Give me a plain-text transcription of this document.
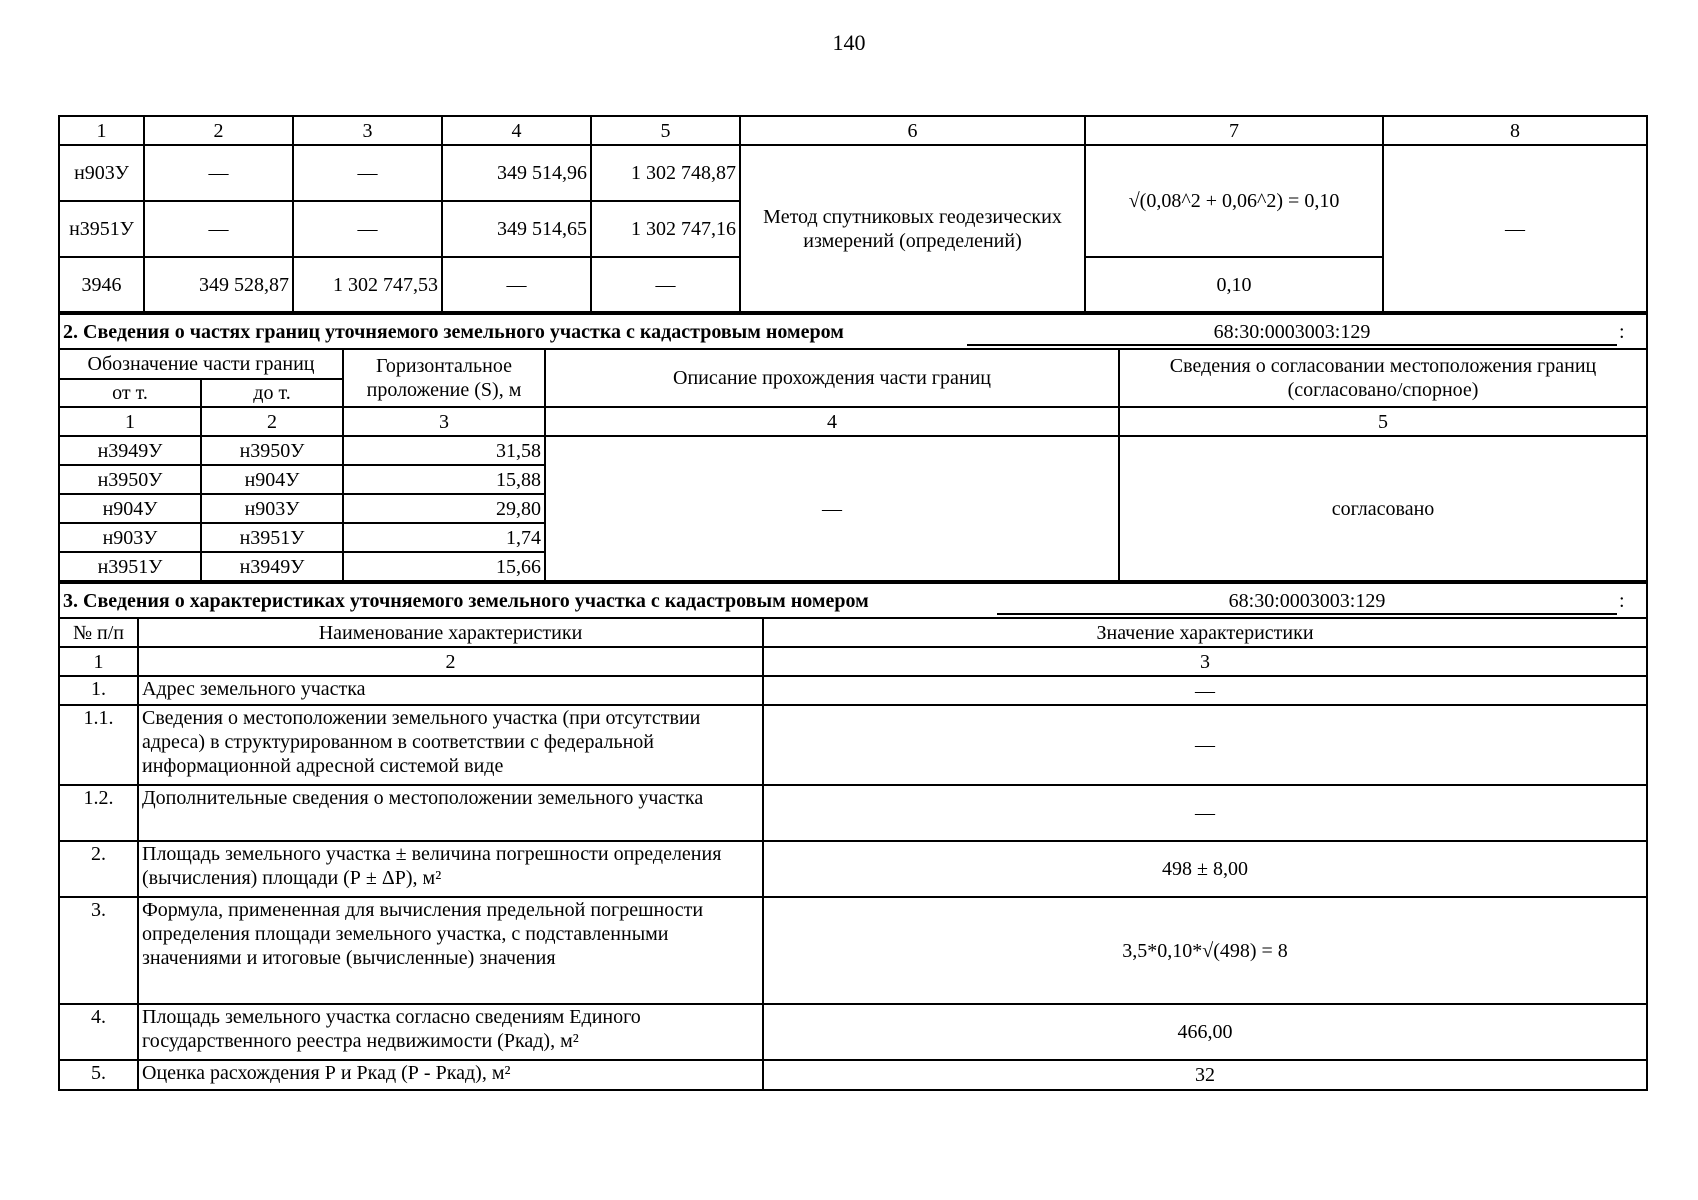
140
1	2	3	4	5	6	7	8
н903У	—	—	349 514,96	1 302 748,87	Метод спутниковых геодезических измерений (определений)	√(0,08^2 + 0,06^2) = 0,10	—
н3951У	—	—	349 514,65	1 302 747,16			
3946	349 528,87	1 302 747,53	—	—		0,10	
2. Сведения о частях границ уточняемого земельного участка с кадастровым номером 68:30:0003003:129 :				

Обозначение части границ		Горизонтальное проложение (S), м	Описание прохождения части границ	Сведения о согласовании местоположения границ (согласовано/спорное)
от т.	до т.			
1	2	3	4	5
н3949У	н3950У	31,58	—	согласовано
н3950У	н904У	15,88		
н904У	н903У	29,80		
н903У	н3951У	1,74		
н3951У	н3949У	15,66		
3. Сведения о характеристиках уточняемого земельного участка с кадастровым номером 68:30:0003003:129 :		

№ п/п	Наименование характеристики	Значение характеристики
1	2	3
1.	Адрес земельного участка	—
1.1.	Сведения о местоположении земельного участка (при отсутствии адреса) в структурированном в соответствии с федеральной информационной адресной системой виде	—
1.2.	Дополнительные сведения о местоположении земельного участка	—
2.	Площадь земельного участка ± величина погрешности определения (вычисления) площади (Р ± ΔР), м²	498 ± 8,00
3.	Формула, примененная для вычисления предельной погрешности определения площади земельного участка, с подставленными значениями и итоговые (вычисленные) значения	3,5*0,10*√(498) = 8
4.	Площадь земельного участка согласно сведениям Единого государственного реестра недвижимости (Ркад), м²	466,00
5.	Оценка расхождения Р и Ркад (Р - Ркад), м²	32
